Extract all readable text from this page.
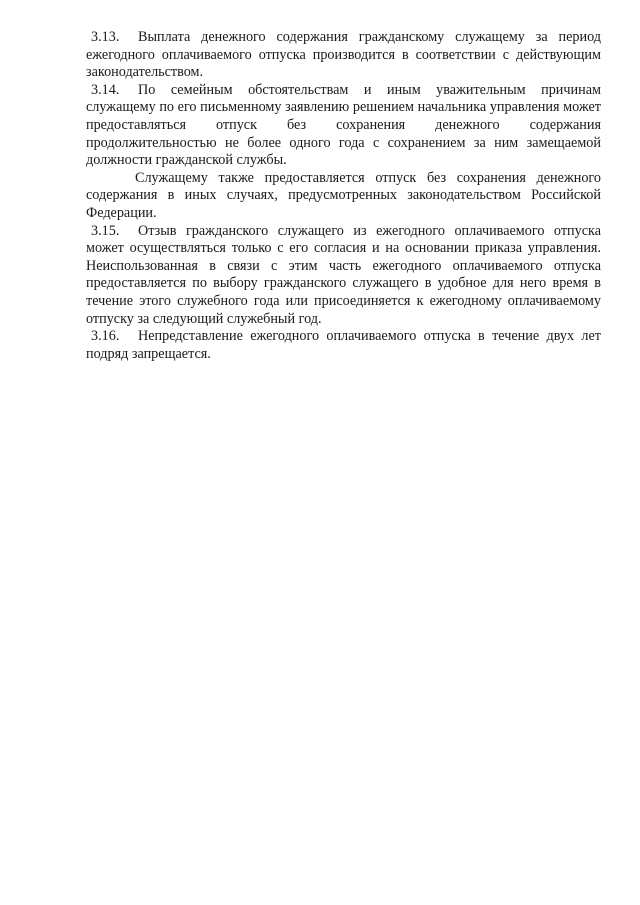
3.13. Выплата денежного содержания гражданскому служащему за период ежегодного оплачиваемого отпуска производится в соответствии с действующим законодательством.

3.14. По семейным обстоятельствам и иным уважительным причинам служащему по его письменному заявлению решением начальника управления может предоставляться отпуск без сохранения денежного содержания продолжительностью не более одного года с сохранением за ним замещаемой должности гражданской службы.

Служащему также предоставляется отпуск без сохранения денежного содержания в иных случаях, предусмотренных законодательством Российской Федерации.

3.15. Отзыв гражданского служащего из ежегодного оплачиваемого отпуска может осуществляться только с его согласия и на основании приказа управления. Неиспользованная в связи с этим часть ежегодного оплачиваемого отпуска предоставляется по выбору гражданского служащего в удобное для него время в течение этого служебного года или присоединяется к ежегодному оплачиваемому отпуску за следующий служебный год.

3.16. Непредставление ежегодного оплачиваемого отпуска в течение двух лет подряд запрещается.
